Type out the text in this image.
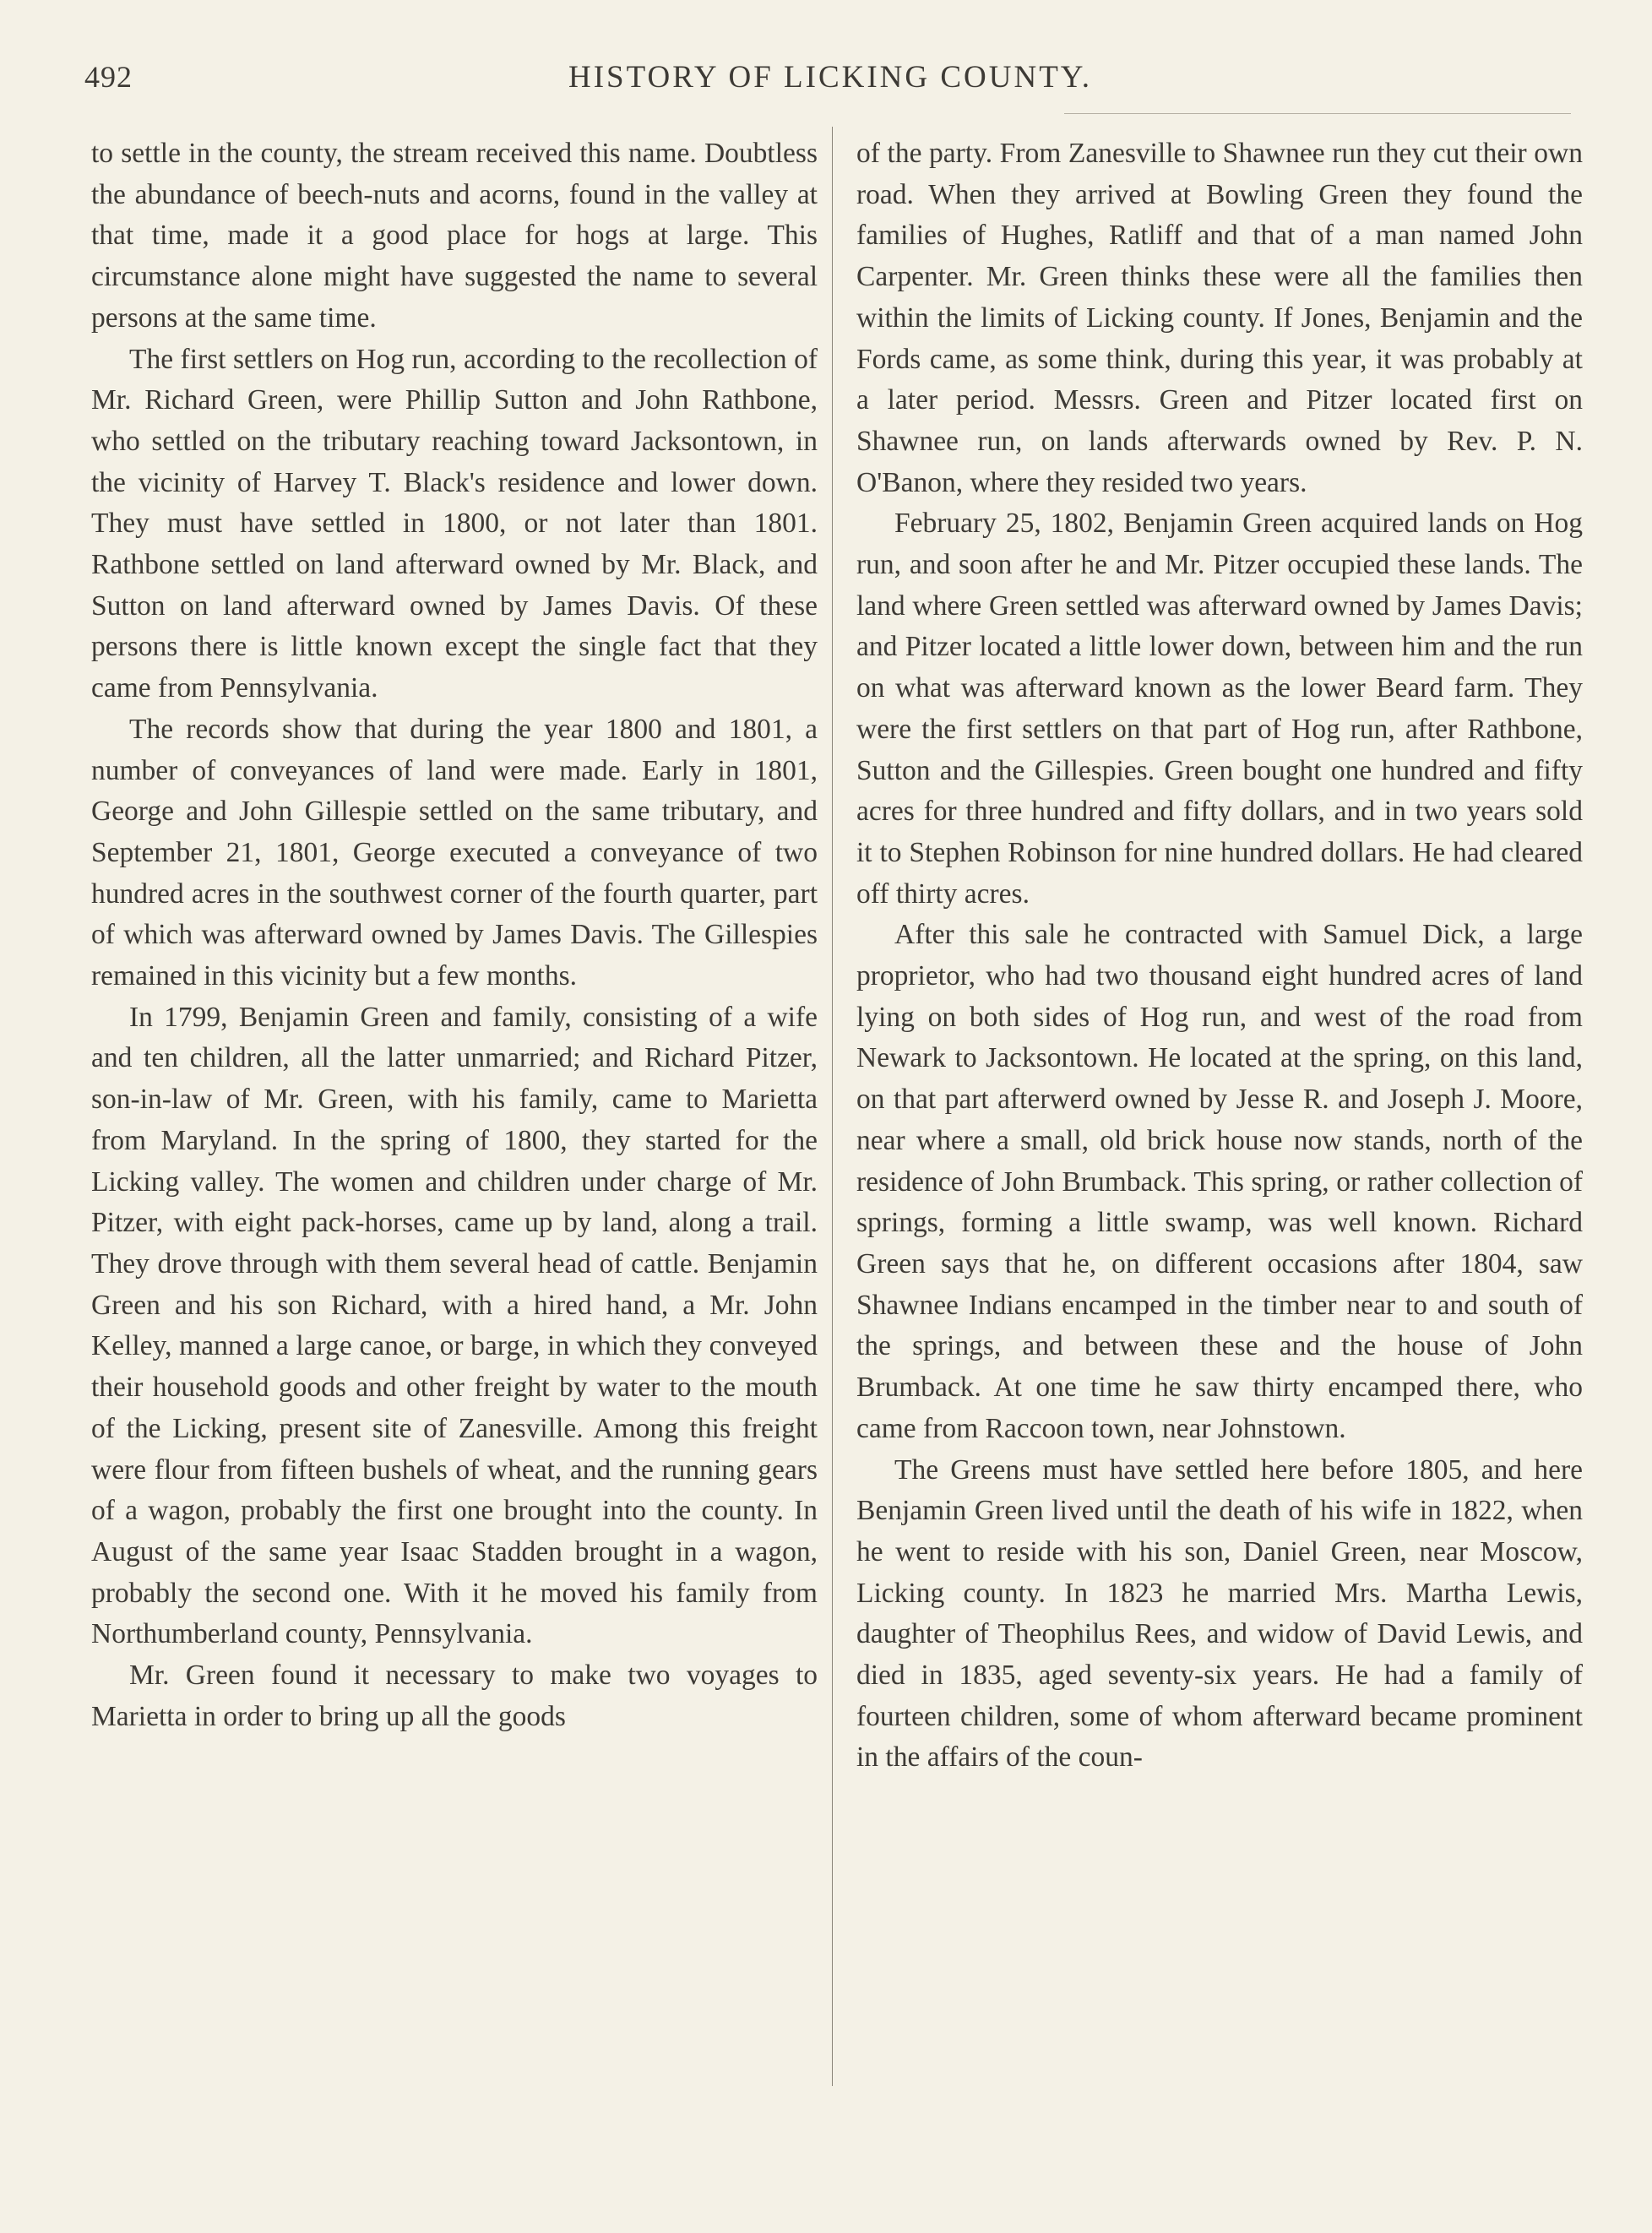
492	HISTORY OF LICKING COUNTY.

to settle in the county, the stream received this name. Doubtless the abundance of beech-nuts and acorns, found in the valley at that time, made it a good place for hogs at large. This circumstance alone might have suggested the name to several persons at the same time.

The first settlers on Hog run, according to the recollection of Mr. Richard Green, were Phillip Sutton and John Rathbone, who settled on the tributary reaching toward Jacksontown, in the vicinity of Harvey T. Black's residence and lower down. They must have settled in 1800, or not later than 1801. Rathbone settled on land afterward owned by Mr. Black, and Sutton on land afterward owned by James Davis. Of these persons there is little known except the single fact that they came from Pennsylvania.

The records show that during the year 1800 and 1801, a number of conveyances of land were made. Early in 1801, George and John Gillespie settled on the same tributary, and September 21, 1801, George executed a conveyance of two hundred acres in the southwest corner of the fourth quarter, part of which was afterward owned by James Davis. The Gillespies remained in this vicinity but a few months.

In 1799, Benjamin Green and family, consisting of a wife and ten children, all the latter unmarried; and Richard Pitzer, son-in-law of Mr. Green, with his family, came to Marietta from Maryland. In the spring of 1800, they started for the Licking valley. The women and children under charge of Mr. Pitzer, with eight pack-horses, came up by land, along a trail. They drove through with them several head of cattle. Benjamin Green and his son Richard, with a hired hand, a Mr. John Kelley, manned a large canoe, or barge, in which they conveyed their household goods and other freight by water to the mouth of the Licking, present site of Zanesville. Among this freight were flour from fifteen bushels of wheat, and the running gears of a wagon, probably the first one brought into the county. In August of the same year Isaac Stadden brought in a wagon, probably the second one. With it he moved his family from Northumberland county, Pennsylvania.

Mr. Green found it necessary to make two voyages to Marietta in order to bring up all the goods

of the party. From Zanesville to Shawnee run they cut their own road. When they arrived at Bowling Green they found the families of Hughes, Ratliff and that of a man named John Carpenter. Mr. Green thinks these were all the families then within the limits of Licking county. If Jones, Benjamin and the Fords came, as some think, during this year, it was probably at a later period. Messrs. Green and Pitzer located first on Shawnee run, on lands afterwards owned by Rev. P. N. O'Banon, where they resided two years.

February 25, 1802, Benjamin Green acquired lands on Hog run, and soon after he and Mr. Pitzer occupied these lands. The land where Green settled was afterward owned by James Davis; and Pitzer located a little lower down, between him and the run on what was afterward known as the lower Beard farm. They were the first settlers on that part of Hog run, after Rathbone, Sutton and the Gillespies. Green bought one hundred and fifty acres for three hundred and fifty dollars, and in two years sold it to Stephen Robinson for nine hundred dollars. He had cleared off thirty acres.

After this sale he contracted with Samuel Dick, a large proprietor, who had two thousand eight hundred acres of land lying on both sides of Hog run, and west of the road from Newark to Jacksontown. He located at the spring, on this land, on that part afterwerd owned by Jesse R. and Joseph J. Moore, near where a small, old brick house now stands, north of the residence of John Brumback. This spring, or rather collection of springs, forming a little swamp, was well known. Richard Green says that he, on different occasions after 1804, saw Shawnee Indians encamped in the timber near to and south of the springs, and between these and the house of John Brumback. At one time he saw thirty encamped there, who came from Raccoon town, near Johnstown.

The Greens must have settled here before 1805, and here Benjamin Green lived until the death of his wife in 1822, when he went to reside with his son, Daniel Green, near Moscow, Licking county. In 1823 he married Mrs. Martha Lewis, daughter of Theophilus Rees, and widow of David Lewis, and died in 1835, aged seventy-six years. He had a family of fourteen children, some of whom afterward became prominent in the affairs of the coun-
